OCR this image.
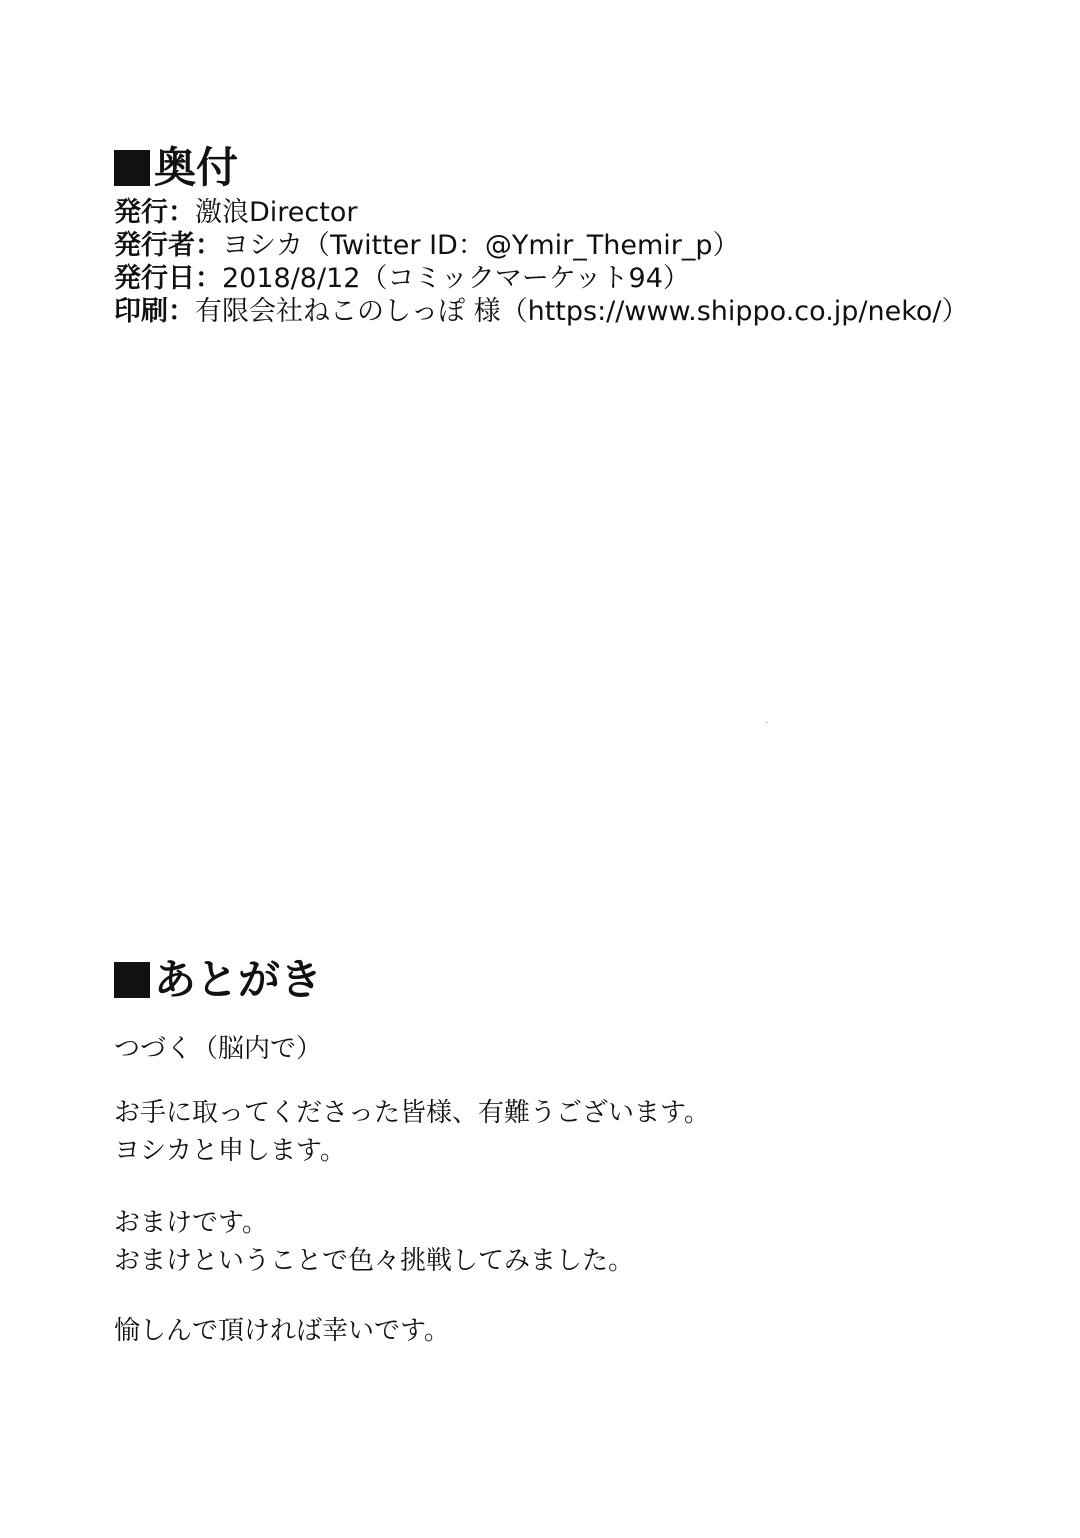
奥付
発行：激浪Director
発行者：ヨシカ（Twitter ID：@Ymir_Themir_p）
発行日：2018/8/12（コミックマーケット94）
印刷：有限会社ねこのしっぽ 様（https://www.shippo.co.jp/neko/）
あとがき

つづく（脳内で）

お手に取ってくださった皆様、有難うございます。

ヨシカと申します。

おまけです。

おまけということで色々挑戦してみました。

愉しんで頂ければ幸いです。
